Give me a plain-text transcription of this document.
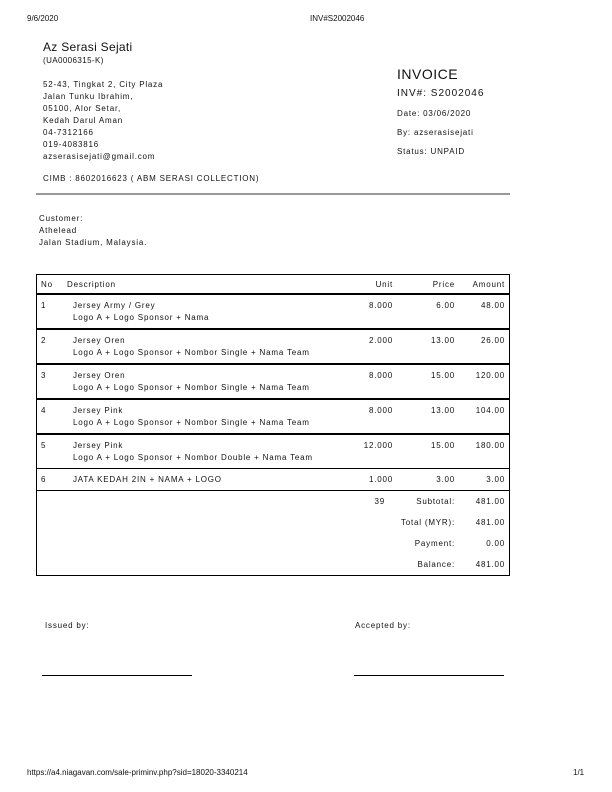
9/6/2020	INV#S2002046
Az Serasi Sejati
(UA0006315-K)
52-43, Tingkat 2, City Plaza
Jalan Tunku Ibrahim,
05100, Alor Setar,
Kedah Darul Aman
04-7312166
019-4083816
azserasisejati@gmail.com
CIMB : 8602016623 ( ABM SERASI COLLECTION)
INVOICE
INV#: S2002046
Date: 03/06/2020
By: azserasisejati
Status: UNPAID
Customer:
Athelead
Jalan Stadium, Malaysia.
No	Description	Unit	Price	Amount
1	Jersey Army / Grey
Logo A + Logo Sponsor + Nama	8.000	6.00	48.00
2	Jersey Oren
Logo A + Logo Sponsor + Nombor Single + Nama Team	2.000	13.00	26.00
3	Jersey Oren
Logo A + Logo Sponsor + Nombor Single + Nama Team	8.000	15.00	120.00
4	Jersey Pink
Logo A + Logo Sponsor + Nombor Single + Nama Team	8.000	13.00	104.00
5	Jersey Pink
Logo A + Logo Sponsor + Nombor Double + Nama Team	12.000	15.00	180.00
6	JATA KEDAH 2IN + NAMA + LOGO	1.000	3.00	3.00
		39	Subtotal:	481.00
		Total (MYR):		481.00
		Payment:		0.00
		Balance:		481.00
Issued by:	Accepted by:
https://a4.niagavan.com/sale-priminv.php?sid=18020-3340214	1/1
